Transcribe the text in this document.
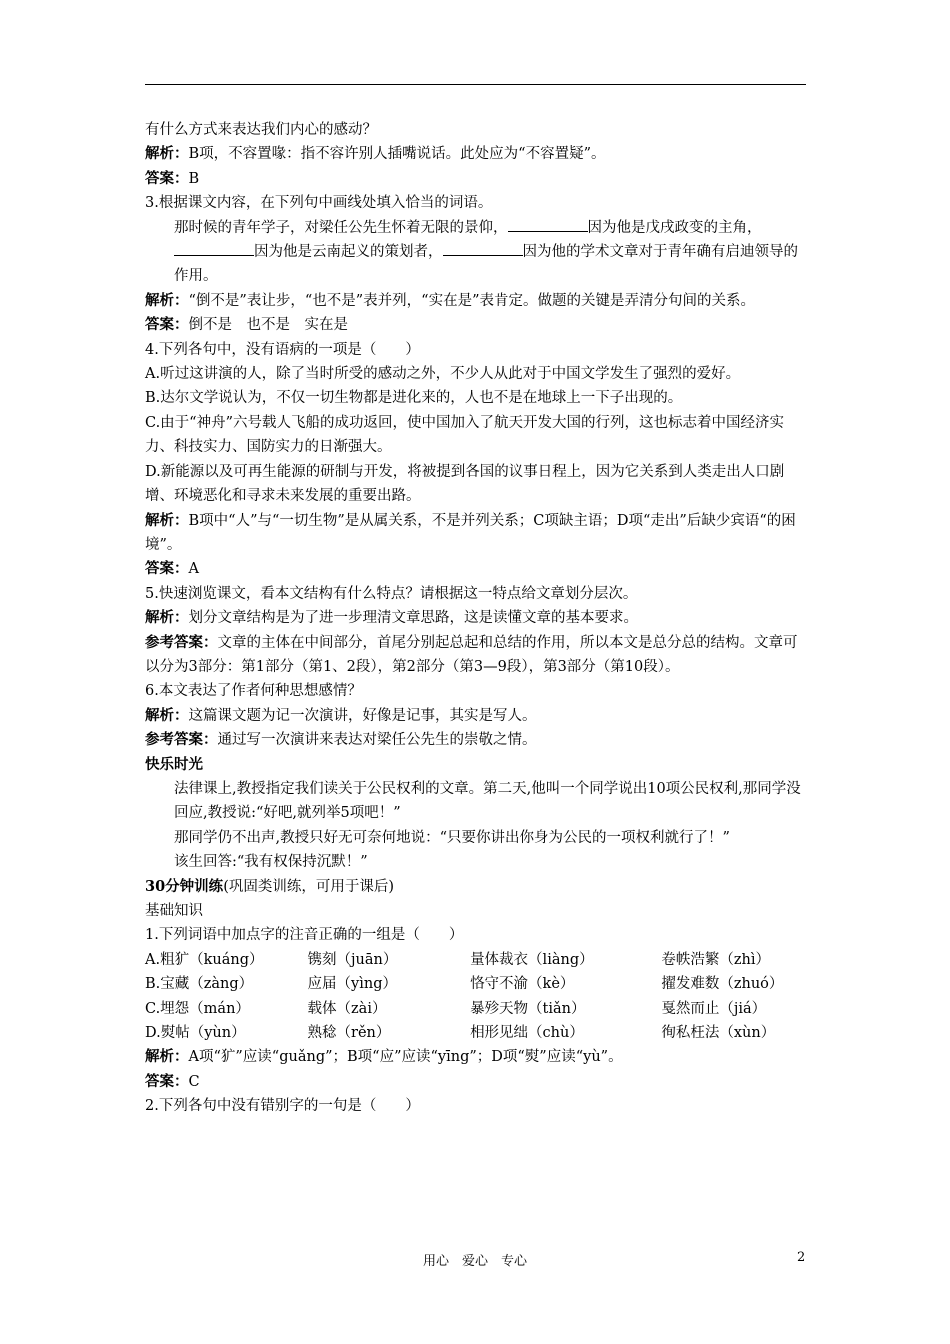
有什么方式来表达我们内心的感动？

解析：B项，不容置喙：指不容许别人插嘴说话。此处应为“不容置疑”。

答案：B

3.根据课文内容，在下列句中画线处填入恰当的词语。

那时候的青年学子，对梁任公先生怀着无限的景仰，	因为他是戊戌政变的主角，因为他是云南起义的策划者，	因为他的学术文章对于青年确有启迪领导的作用。

解析：“倒不是”表让步，“也不是”表并列，“实在是”表肯定。做题的关键是弄清分句间的关系。

答案：倒不是　也不是　实在是

4.下列各句中，没有语病的一项是（　　）

A.听过这讲演的人，除了当时所受的感动之外，不少人从此对于中国文学发生了强烈的爱好。

B.达尔文学说认为，不仅一切生物都是进化来的，人也不是在地球上一下子出现的。

C.由于“神舟”六号载人飞船的成功返回，使中国加入了航天开发大国的行列，这也标志着中国经济实力、科技实力、国防实力的日渐强大。

D.新能源以及可再生能源的研制与开发，将被提到各国的议事日程上，因为它关系到人类走出人口剧增、环境恶化和寻求未来发展的重要出路。

解析：B项中“人”与“一切生物”是从属关系，不是并列关系；C项缺主语；D项“走出”后缺少宾语“的困境”。

答案：A

5.快速浏览课文，看本文结构有什么特点？请根据这一特点给文章划分层次。

解析：划分文章结构是为了进一步理清文章思路，这是读懂文章的基本要求。

参考答案：文章的主体在中间部分，首尾分别起总起和总结的作用，所以本文是总分总的结构。文章可以分为3部分：第1部分（第1、2段），第2部分（第3—9段），第3部分（第10段）。

6.本文表达了作者何种思想感情？

解析：这篇课文题为记一次演讲，好像是记事，其实是写人。

参考答案：通过写一次演讲来表达对梁任公先生的崇敬之情。

快乐时光

法律课上,教授指定我们读关于公民权利的文章。第二天,他叫一个同学说出10项公民权利,那同学没回应,教授说:“好吧,就列举5项吧！”

那同学仍不出声,教授只好无可奈何地说：“只要你讲出你身为公民的一项权利就行了！”

该生回答:“我有权保持沉默！”

30分钟训练(巩固类训练，可用于课后)

基础知识

1.下列词语中加点字的注音正确的一组是（　　）

A.粗犷（kuáng）	镌刻（juān）	量体裁衣（liàng）	卷帙浩繁（zhì）
B.宝藏（zàng）	应届（yìng）	恪守不渝（kè）	擢发难数（zhuó）
C.埋怨（mán）	载体（zài）	暴殄天物（tiǎn）	戛然而止（jiá）
D.熨帖（yùn）	熟稔（rěn）	相形见绌（chù）	徇私枉法（xùn）

解析：A项“犷”应读“guǎng”；B项“应”应读“yīng”；D项“熨”应读“yù”。

答案：C

2.下列各句中没有错别字的一句是（　　）

用心　爱心　专心	2
